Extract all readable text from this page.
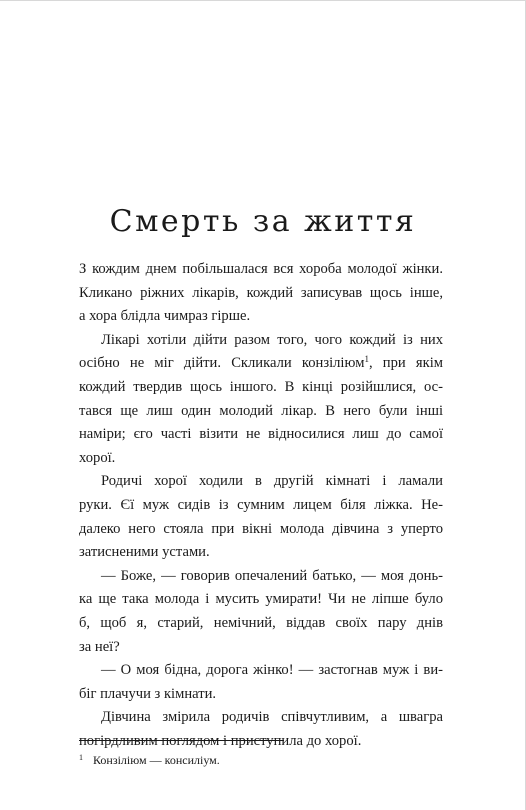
Смерть за життя
З кождим днем побільшалася вся хороба молодої жінки.
Кликано ріжних лікарів, кождий записував щось інше,
а хора блідла чимраз гірше.
Лікарі хотіли дійти разом того, чого кождий із них
осібно не міг дійти. Скликали конзіліюм$^1$, при якім
кождий твердив щось іншого. В кінці розійшлися, ос-
тався ще лиш один молодий лікар. В него були інші
наміри; єго часті візити не відносилися лиш до самої
хорої.
Родичі хорої ходили в другій кімнаті і ламали
руки. Єї муж сидів із сумним лицем біля ліжка. Не-
далеко него стояла при вікні молода дівчина з уперто
затисненими устами.
— Боже, — говорив опечалений батько, — моя донь-
ка ще така молода і мусить умирати! Чи не ліпше було
б, щоб я, старий, немічний, віддав своїх пару днів
за неї?
— О моя бідна, дорога жінко! — застогнав муж і ви-
біг плачучи з кімнати.
Дівчина змірила родичів співчутливим, а швагра
погірдливим поглядом і приступила до хорої.
$^1$ Конзіліюм — консиліум.
